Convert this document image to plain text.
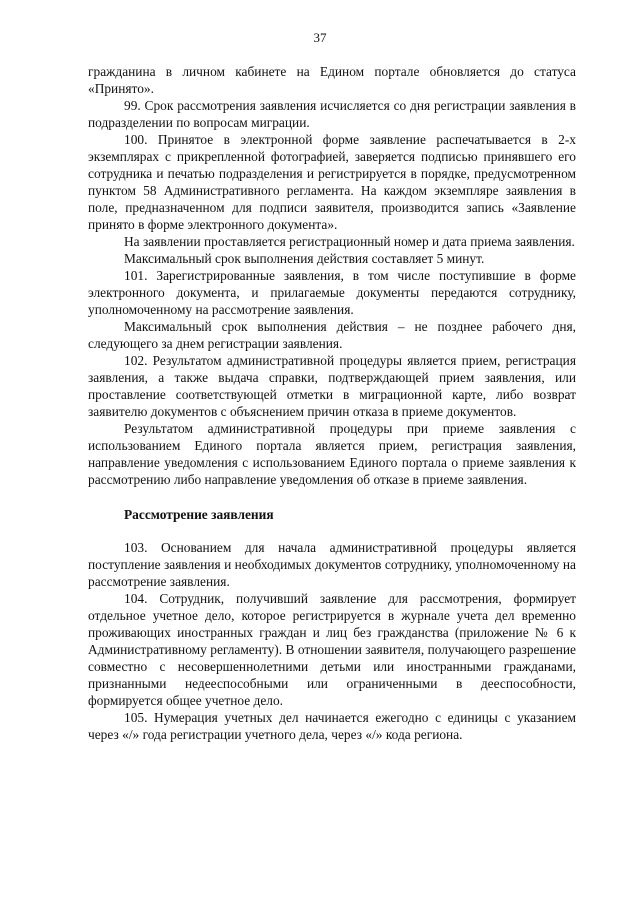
37

гражданина в личном кабинете на Едином портале обновляется до статуса «Принято».

99. Срок рассмотрения заявления исчисляется со дня регистрации заявления в подразделении по вопросам миграции.

100. Принятое в электронной форме заявление распечатывается в 2-х экземплярах с прикрепленной фотографией, заверяется подписью принявшего его сотрудника и печатью подразделения и регистрируется в порядке, предусмотренном пунктом 58 Административного регламента. На каждом экземпляре заявления в поле, предназначенном для подписи заявителя, производится запись «Заявление принято в форме электронного документа».

На заявлении проставляется регистрационный номер и дата приема заявления.

Максимальный срок выполнения действия составляет 5 минут.

101. Зарегистрированные заявления, в том числе поступившие в форме электронного документа, и прилагаемые документы передаются сотруднику, уполномоченному на рассмотрение заявления.

Максимальный срок выполнения действия – не позднее рабочего дня, следующего за днем регистрации заявления.

102. Результатом административной процедуры является прием, регистрация заявления, а также выдача справки, подтверждающей прием заявления, или проставление соответствующей отметки в миграционной карте, либо возврат заявителю документов с объяснением причин отказа в приеме документов.

Результатом административной процедуры при приеме заявления с использованием Единого портала является прием, регистрация заявления, направление уведомления с использованием Единого портала о приеме заявления к рассмотрению либо направление уведомления об отказе в приеме заявления.

Рассмотрение заявления

103. Основанием для начала административной процедуры является поступление заявления и необходимых документов сотруднику, уполномоченному на рассмотрение заявления.

104. Сотрудник, получивший заявление для рассмотрения, формирует отдельное учетное дело, которое регистрируется в журнале учета дел временно проживающих иностранных граждан и лиц без гражданства (приложение № 6 к Административному регламенту). В отношении заявителя, получающего разрешение совместно с несовершеннолетними детьми или иностранными гражданами, признанными недееспособными или ограниченными в дееспособности, формируется общее учетное дело.

105. Нумерация учетных дел начинается ежегодно с единицы с указанием через «/» года регистрации учетного дела, через «/» кода региона.
